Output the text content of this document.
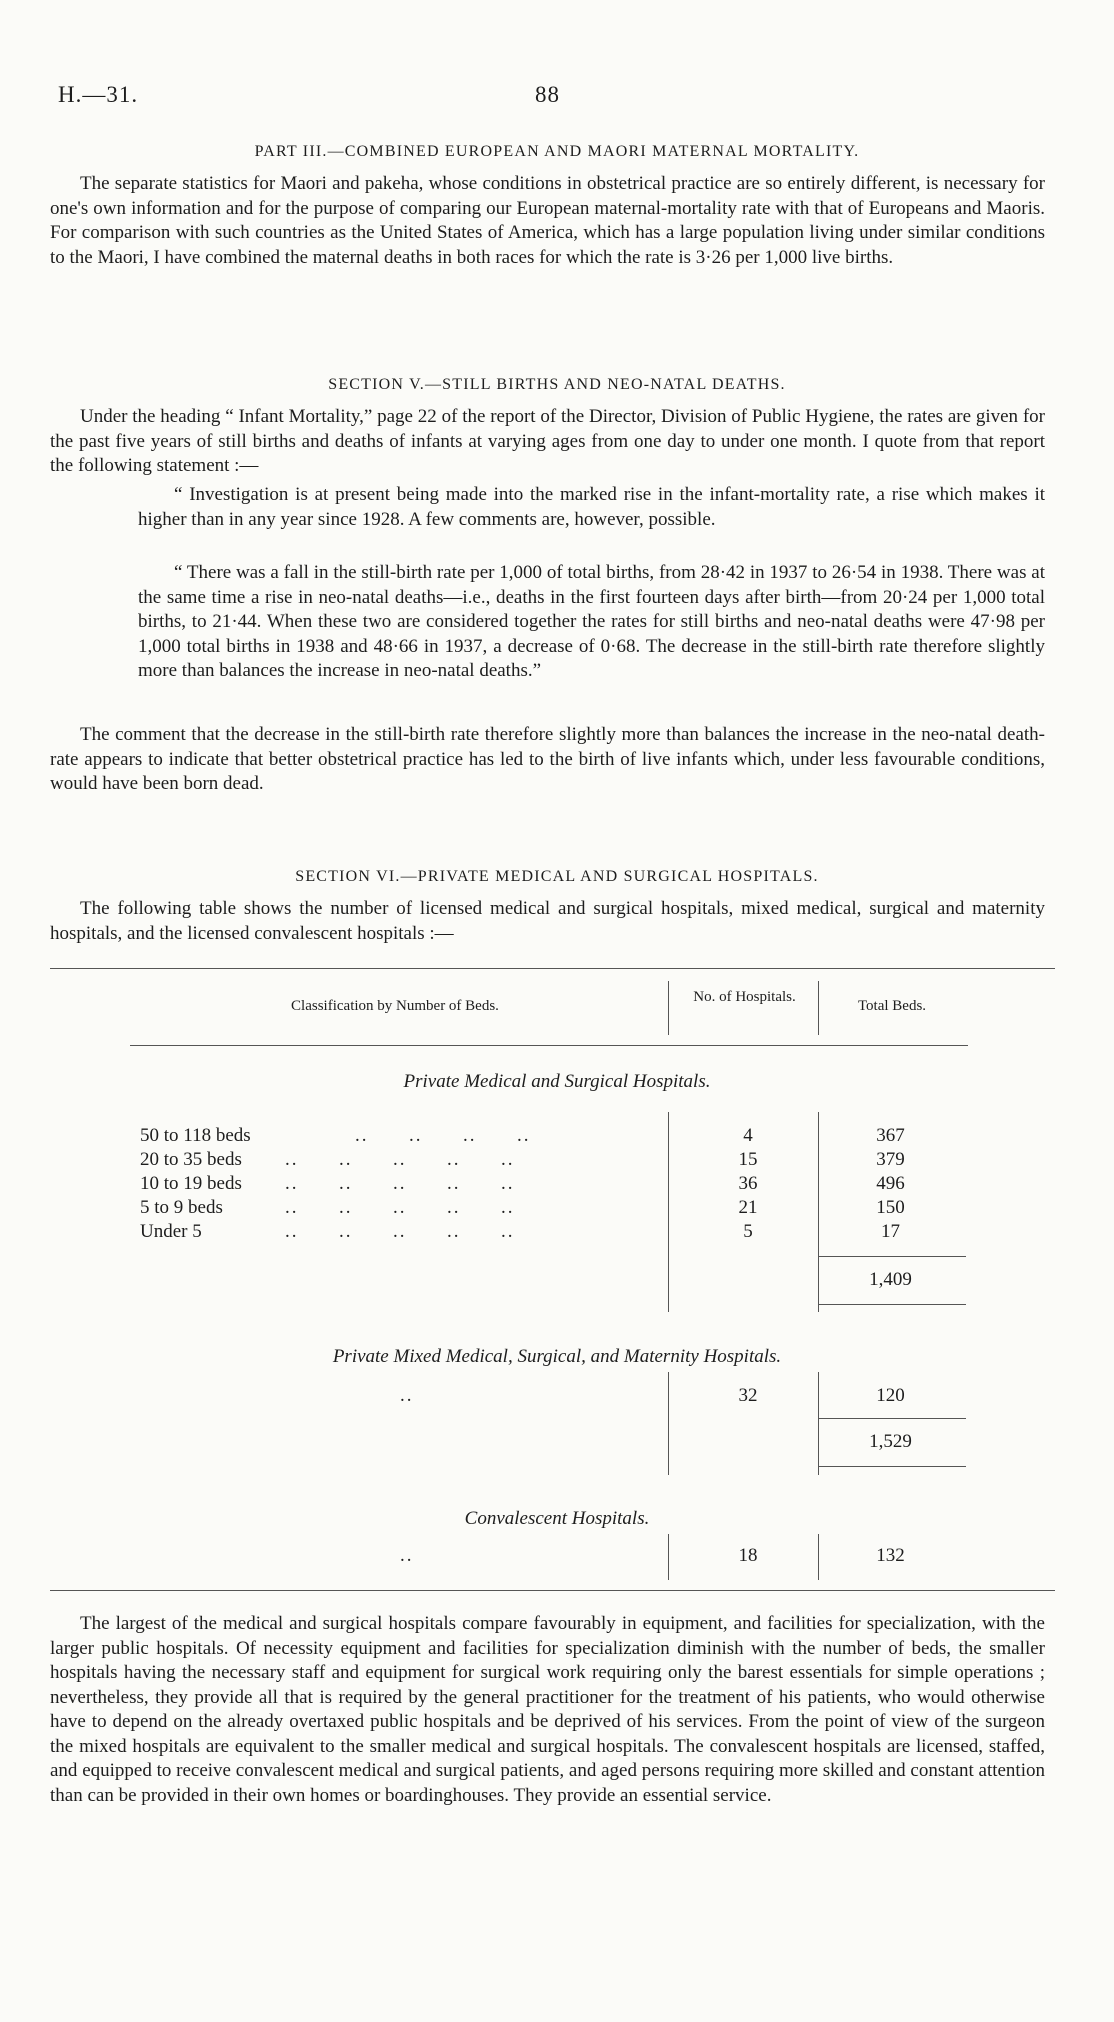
H.—31.	88
PART III.—COMBINED EUROPEAN AND MAORI MATERNAL MORTALITY.
The separate statistics for Maori and pakeha, whose conditions in obstetrical practice are so entirely different, is necessary for one's own information and for the purpose of comparing our European maternal-mortality rate with that of Europeans and Maoris. For comparison with such countries as the United States of America, which has a large population living under similar conditions to the Maori, I have combined the maternal deaths in both races for which the rate is 3·26 per 1,000 live births.
SECTION V.—STILL BIRTHS AND NEO-NATAL DEATHS.
Under the heading “ Infant Mortality,” page 22 of the report of the Director, Division of Public Hygiene, the rates are given for the past five years of still births and deaths of infants at varying ages from one day to under one month. I quote from that report the following statement :—
“ Investigation is at present being made into the marked rise in the infant-mortality rate, a rise which makes it higher than in any year since 1928. A few comments are, however, possible.
“ There was a fall in the still-birth rate per 1,000 of total births, from 28·42 in 1937 to 26·54 in 1938. There was at the same time a rise in neo-natal deaths—i.e., deaths in the first fourteen days after birth—from 20·24 per 1,000 total births, to 21·44. When these two are considered together the rates for still births and neo-natal deaths were 47·98 per 1,000 total births in 1938 and 48·66 in 1937, a decrease of 0·68. The decrease in the still-birth rate therefore slightly more than balances the increase in neo-natal deaths.”
The comment that the decrease in the still-birth rate therefore slightly more than balances the increase in the neo-natal death-rate appears to indicate that better obstetrical practice has led to the birth of live infants which, under less favourable conditions, would have been born dead.
SECTION VI.—PRIVATE MEDICAL AND SURGICAL HOSPITALS.
The following table shows the number of licensed medical and surgical hospitals, mixed medical, surgical and maternity hospitals, and the licensed convalescent hospitals :—
Classification by Number of Beds.
No. of Hospitals.
Total Beds.
Private Medical and Surgical Hospitals.
50 to 118 beds	..      ..      ..      ..	4	367
20 to 35 beds ..      ..      ..      ..      ..	15	379
10 to 19 beds ..      ..      ..      ..      ..	36	496
5 to 9 beds	..      ..      ..      ..      ..	21	150
Under 5	..      ..      ..      ..      ..	5	17
1,409
Private Mixed Medical, Surgical, and Maternity Hospitals.
..	32	120
1,529
Convalescent Hospitals.
..	18	132
The largest of the medical and surgical hospitals compare favourably in equipment, and facilities for specialization, with the larger public hospitals. Of necessity equipment and facilities for specialization diminish with the number of beds, the smaller hospitals having the necessary staff and equipment for surgical work requiring only the barest essentials for simple operations ; nevertheless, they provide all that is required by the general practitioner for the treatment of his patients, who would otherwise have to depend on the already overtaxed public hospitals and be deprived of his services. From the point of view of the surgeon the mixed hospitals are equivalent to the smaller medical and surgical hospitals. The convalescent hospitals are licensed, staffed, and equipped to receive convalescent medical and surgical patients, and aged persons requiring more skilled and constant attention than can be provided in their own homes or boardinghouses. They provide an essential service.
